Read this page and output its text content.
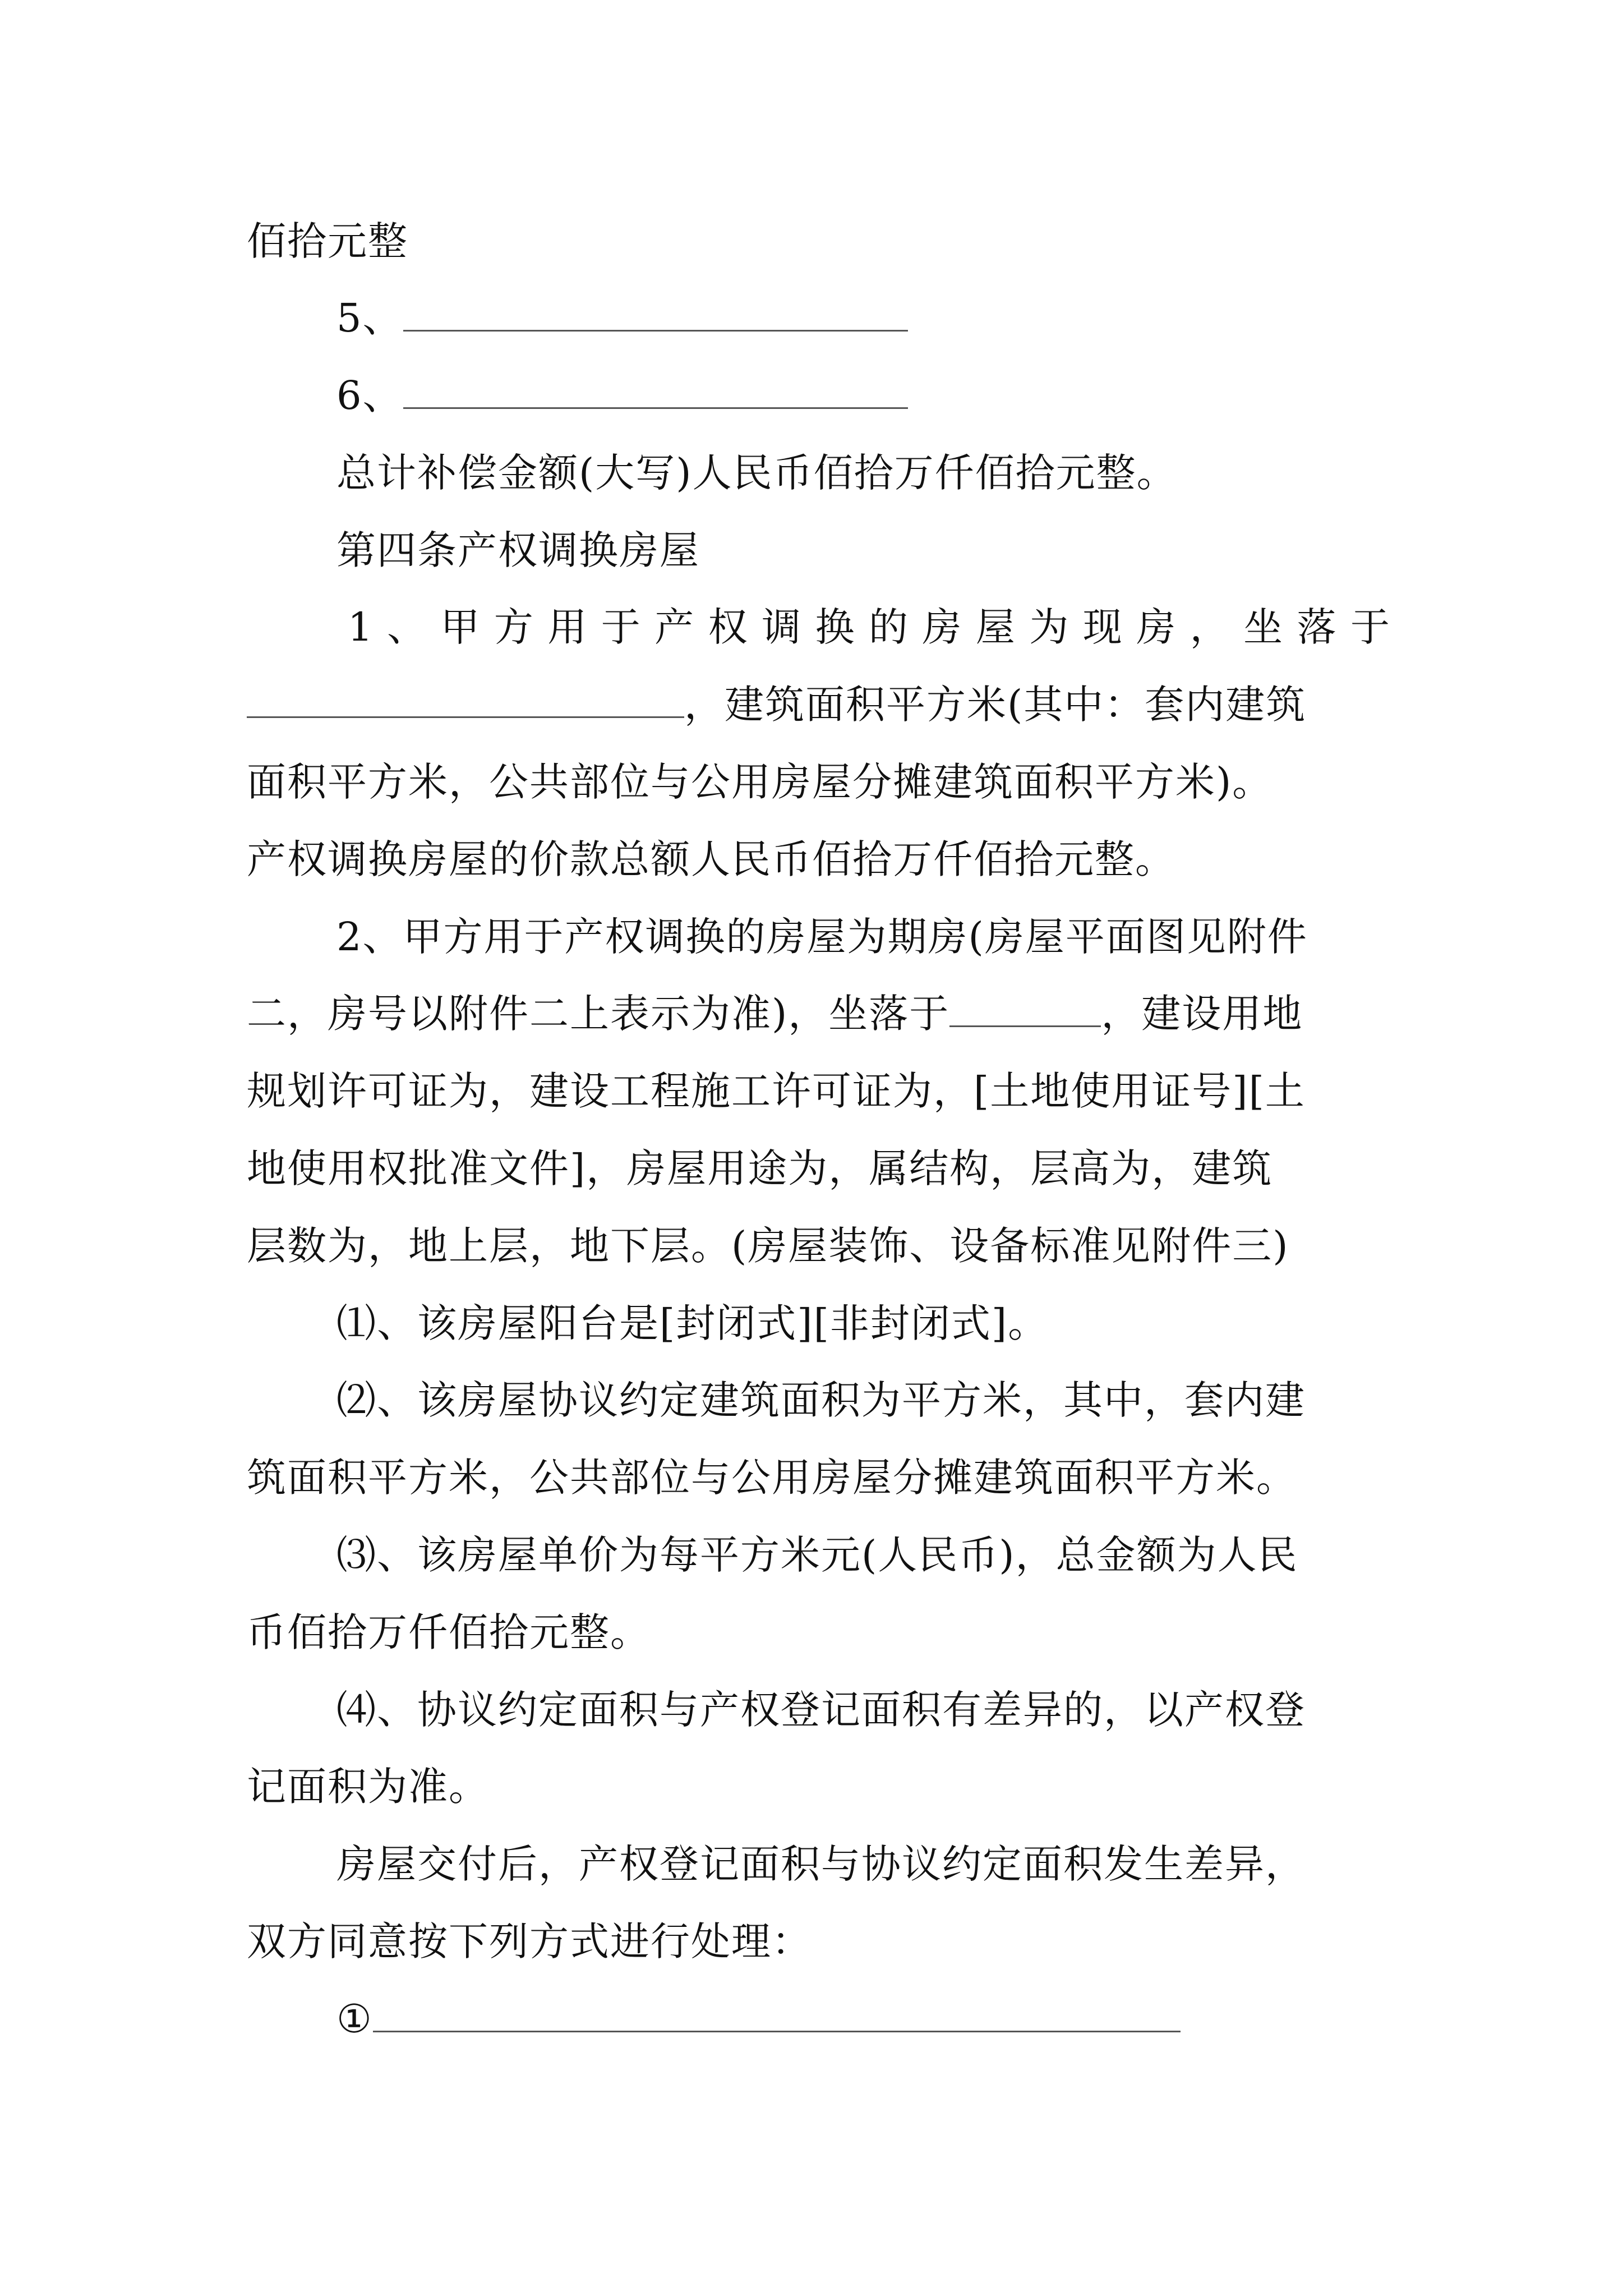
佰拾元整
5、
6、
总计补偿金额(大写)人民币佰拾万仟佰拾元整。
第四条产权调换房屋
1、甲方用于产权调换的房屋为现房，坐落于
，建筑面积平方米(其中：套内建筑
面积平方米，公共部位与公用房屋分摊建筑面积平方米)。
产权调换房屋的价款总额人民币佰拾万仟佰拾元整。
2、甲方用于产权调换的房屋为期房(房屋平面图见附件
二，房号以附件二上表示为准)，坐落于	，建设用地
规划许可证为，建设工程施工许可证为，[土地使用证号][土
地使用权批准文件]，房屋用途为，属结构，层高为，建筑
层数为，地上层，地下层。(房屋装饰、设备标准见附件三)
⑴、该房屋阳台是[封闭式][非封闭式]。
⑵、该房屋协议约定建筑面积为平方米，其中，套内建
筑面积平方米，公共部位与公用房屋分摊建筑面积平方米。
⑶、该房屋单价为每平方米元(人民币)，总金额为人民
币佰拾万仟佰拾元整。
⑷、协议约定面积与产权登记面积有差异的，以产权登
记面积为准。
房屋交付后，产权登记面积与协议约定面积发生差异，
双方同意按下列方式进行处理：
①
